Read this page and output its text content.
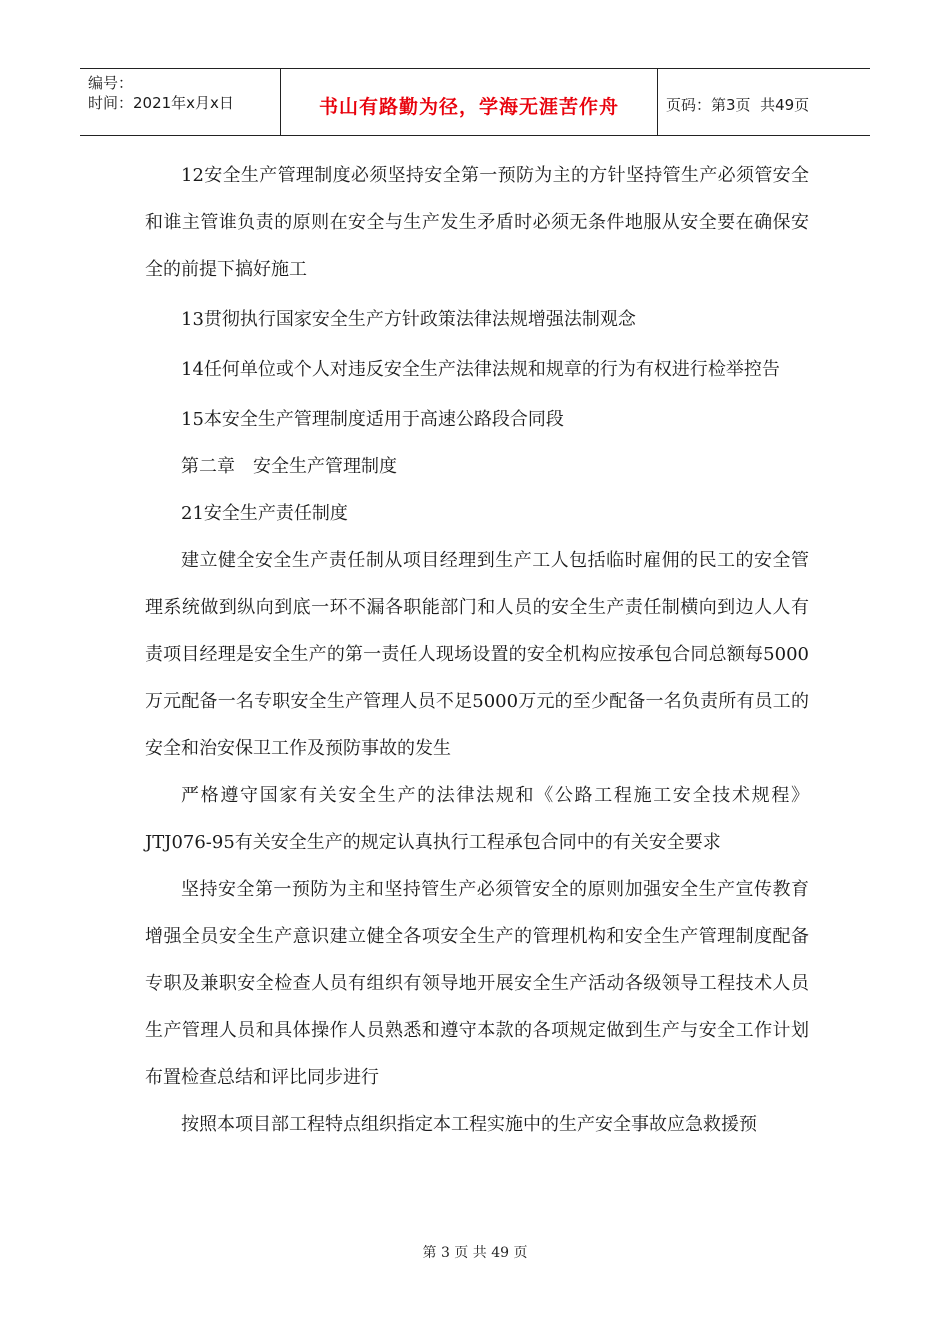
编号：
时间：2021年x月x日	书山有路勤为径，学海无涯苦作舟	页码：第3页  共49页

12安全生产管理制度必须坚持安全第一预防为主的方针坚持管生产必须管安全和谁主管谁负责的原则在安全与生产发生矛盾时必须无条件地服从安全要在确保安全的前提下搞好施工

13贯彻执行国家安全生产方针政策法律法规增强法制观念

14任何单位或个人对违反安全生产法律法规和规章的行为有权进行检举控告

15本安全生产管理制度适用于高速公路段合同段

第二章　安全生产管理制度

21安全生产责任制度

建立健全安全生产责任制从项目经理到生产工人包括临时雇佣的民工的安全管理系统做到纵向到底一环不漏各职能部门和人员的安全生产责任制横向到边人人有责项目经理是安全生产的第一责任人现场设置的安全机构应按承包合同总额每5000万元配备一名专职安全生产管理人员不足5000万元的至少配备一名负责所有员工的安全和治安保卫工作及预防事故的发生

严格遵守国家有关安全生产的法律法规和《公路工程施工安全技术规程》JTJ076-95有关安全生产的规定认真执行工程承包合同中的有关安全要求

坚持安全第一预防为主和坚持管生产必须管安全的原则加强安全生产宣传教育增强全员安全生产意识建立健全各项安全生产的管理机构和安全生产管理制度配备专职及兼职安全检查人员有组织有领导地开展安全生产活动各级领导工程技术人员生产管理人员和具体操作人员熟悉和遵守本款的各项规定做到生产与安全工作计划布置检查总结和评比同步进行

按照本项目部工程特点组织指定本工程实施中的生产安全事故应急救援预

第 3 页 共 49 页
